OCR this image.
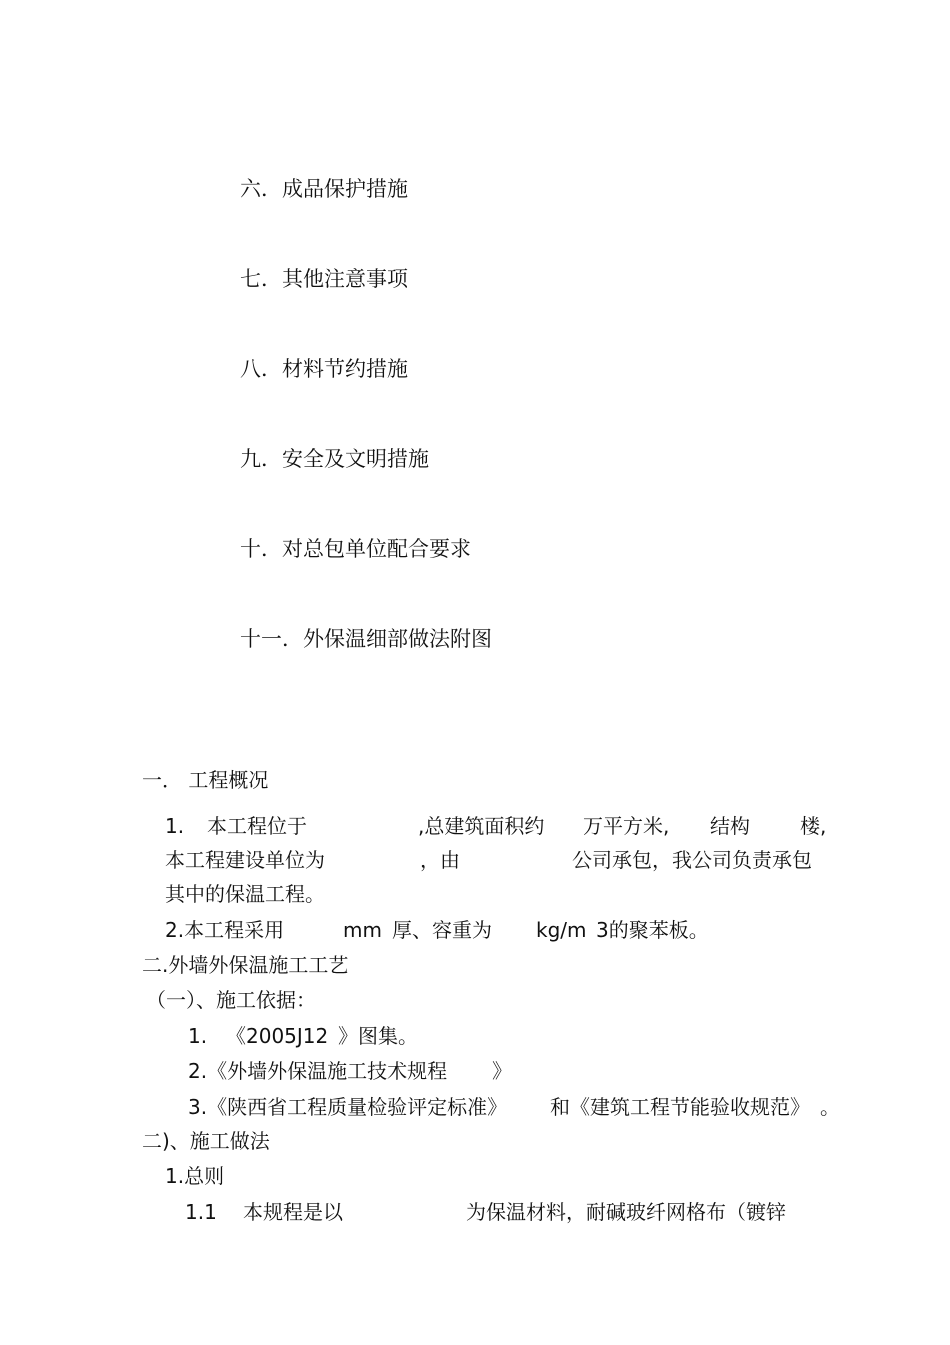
六．成品保护措施
七．其他注意事项
八．材料节约措施
九．安全及文明措施
十．对总包单位配合要求
十一．外保温细部做法附图
一． 工程概况
1. 本工程位于	,总建筑面积约 万平方米, 结构	楼,
本工程建设单位为	，由	公司承包，我公司负责承包
其中的保温工程。
2.本工程采用	mm 厚、容重为 kg/m 3的聚苯板。
二.外墙外保温施工工艺
（一）、施工依据：
1. 《2005J12 》图集。
2.《外墙外保温施工技术规程 》
3.《陕西省工程质量检验评定标准》 和《建筑工程节能验收规范》 。
二)、施工做法
1.总则
1.1 本规程是以	为保温材料，耐碱玻纤网格布（镀锌
